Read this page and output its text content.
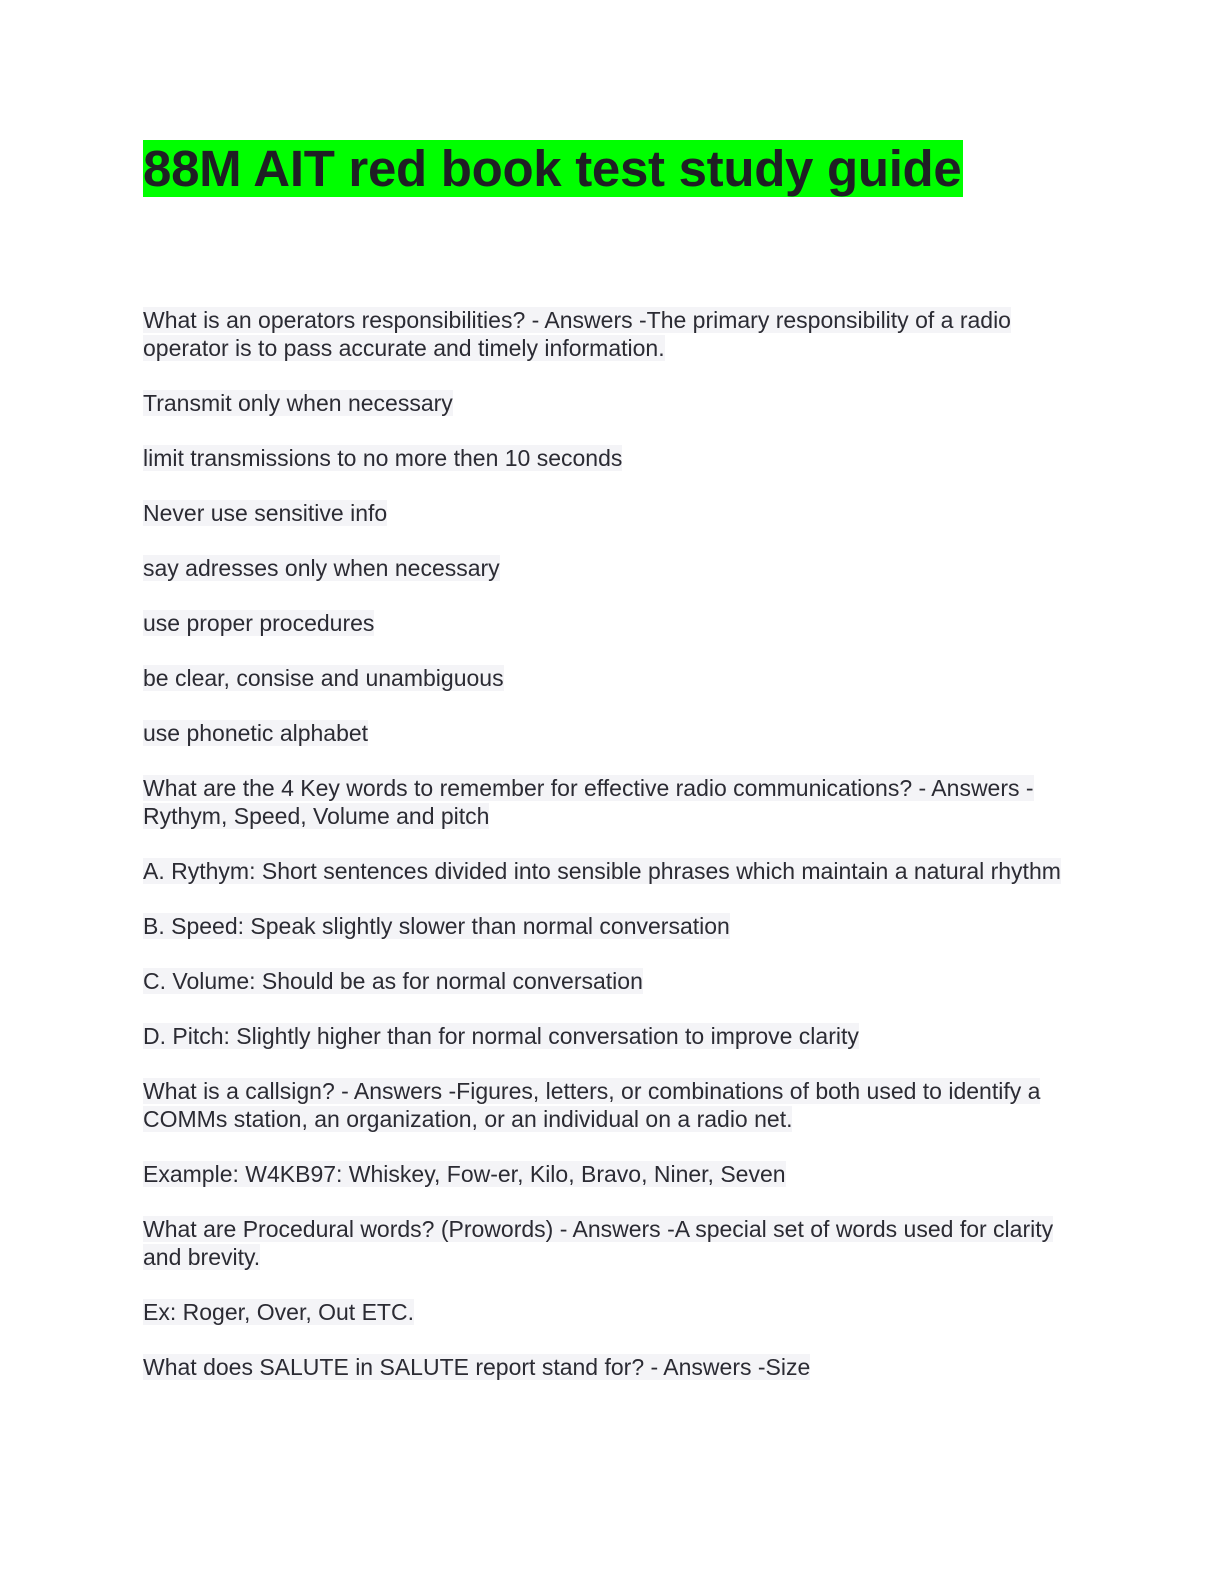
88M AIT red book test study guide

What is an operators responsibilities? - Answers -The primary responsibility of a radio operator is to pass accurate and timely information.

Transmit only when necessary

limit transmissions to no more then 10 seconds

Never use sensitive info

say adresses only when necessary

use proper procedures

be clear, consise and unambiguous

use phonetic alphabet

What are the 4 Key words to remember for effective radio communications? - Answers - Rythym, Speed, Volume and pitch

A. Rythym: Short sentences divided into sensible phrases which maintain a natural rhythm

B. Speed: Speak slightly slower than normal conversation

C. Volume: Should be as for normal conversation

D. Pitch: Slightly higher than for normal conversation to improve clarity

What is a callsign? - Answers -Figures, letters, or combinations of both used to identify a COMMs station, an organization, or an individual on a radio net.

Example: W4KB97: Whiskey, Fow-er, Kilo, Bravo, Niner, Seven

What are Procedural words? (Prowords) - Answers -A special set of words used for clarity and brevity.

Ex: Roger, Over, Out ETC.

What does SALUTE in SALUTE report stand for? - Answers -Size
